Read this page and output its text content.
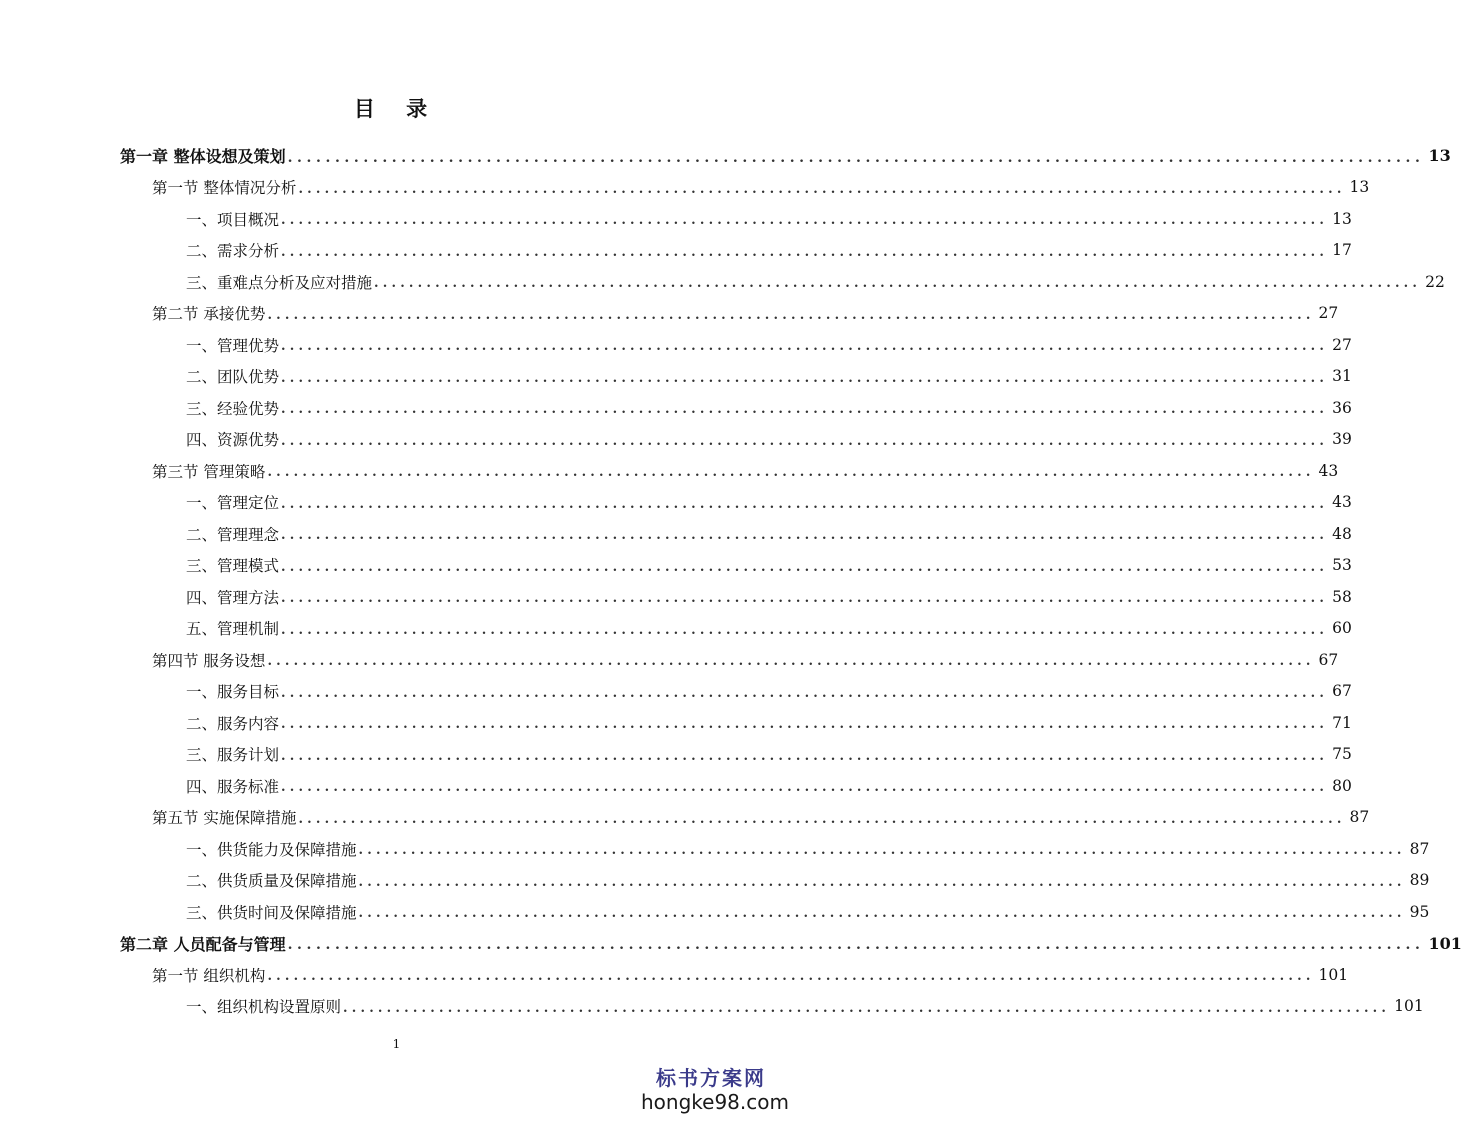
目 录
第一章 整体设想及策划 ........................................................................................................................ 13
第一节 整体情况分析 ........................................................................................................................ 13
一、项目概况 ........................................................................................................................ 13
二、需求分析 ........................................................................................................................ 17
三、重难点分析及应对措施 ........................................................................................................................ 22
第二节 承接优势 ........................................................................................................................ 27
一、管理优势 ........................................................................................................................ 27
二、团队优势 ........................................................................................................................ 31
三、经验优势 ........................................................................................................................ 36
四、资源优势 ........................................................................................................................ 39
第三节 管理策略 ........................................................................................................................ 43
一、管理定位 ........................................................................................................................ 43
二、管理理念 ........................................................................................................................ 48
三、管理模式 ........................................................................................................................ 53
四、管理方法 ........................................................................................................................ 58
五、管理机制 ........................................................................................................................ 60
第四节 服务设想 ........................................................................................................................ 67
一、服务目标 ........................................................................................................................ 67
二、服务内容 ........................................................................................................................ 71
三、服务计划 ........................................................................................................................ 75
四、服务标准 ........................................................................................................................ 80
第五节 实施保障措施 ........................................................................................................................ 87
一、供货能力及保障措施 ........................................................................................................................ 87
二、供货质量及保障措施 ........................................................................................................................ 89
三、供货时间及保障措施 ........................................................................................................................ 95
第二章 人员配备与管理 ........................................................................................................................ 101
第一节 组织机构 ........................................................................................................................ 101
一、组织机构设置原则 ........................................................................................................................ 101
1
标书方案网
hongke98.com
